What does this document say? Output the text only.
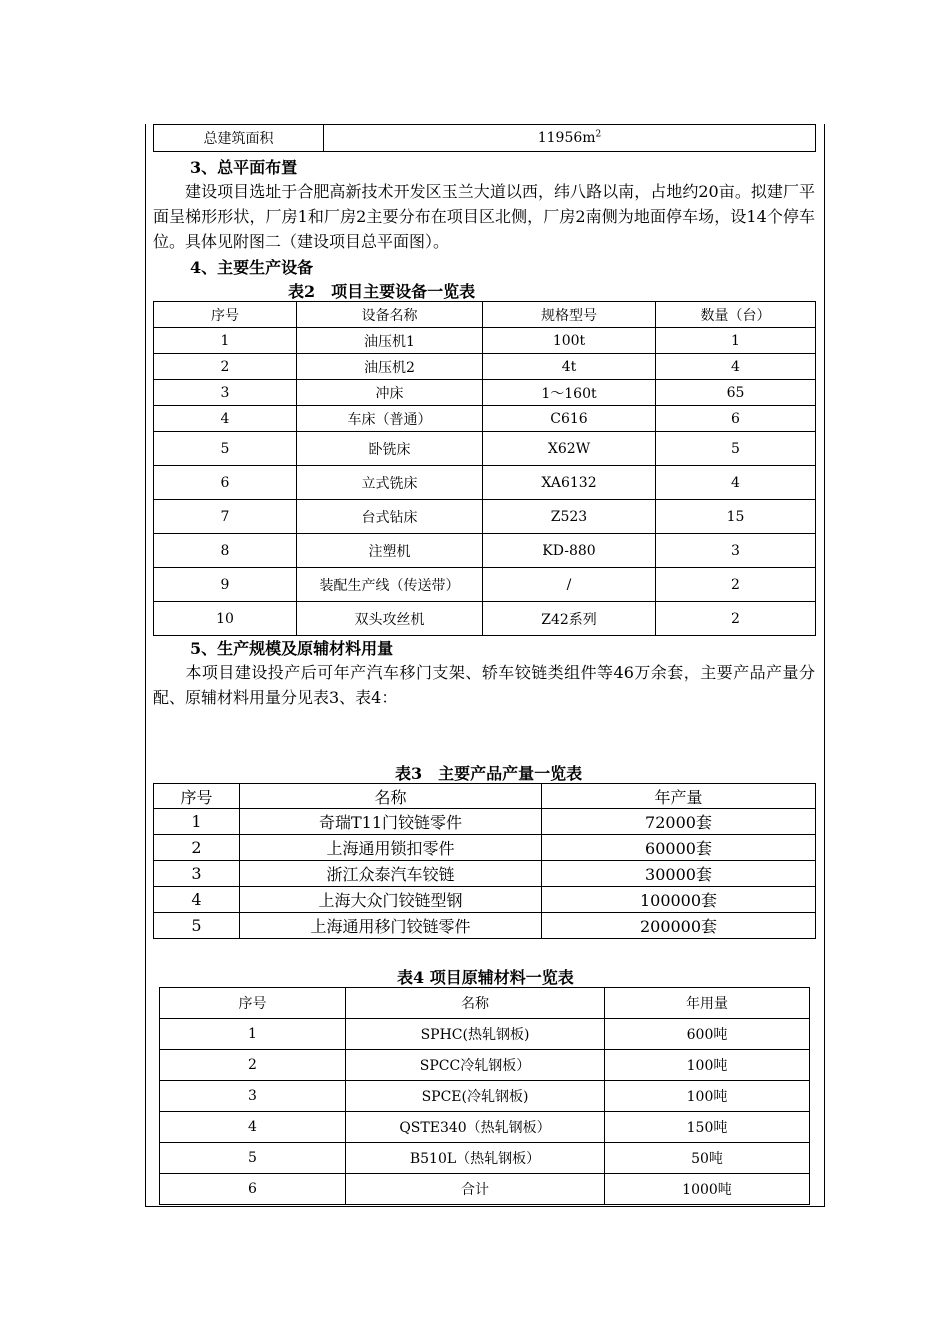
总建筑面积	$11956m^2$
3、总平面布置
建设项目选址于合肥高新技术开发区玉兰大道以西，纬八路以南，占地约20亩。拟建厂平面呈梯形形状，厂房1和厂房2主要分布在项目区北侧，厂房2南侧为地面停车场，设14个停车位。具体见附图二（建设项目总平面图）。
4、主要生产设备
表2　项目主要设备一览表
序号	设备名称	规格型号	数量（台）
1	油压机1	100t	1
2	油压机2	4t	4
3	冲床	1～160t	65
4	车床（普通）	C616	6
5	卧铣床	X62W	5
6	立式铣床	XA6132	4
7	台式钻床	Z523	15
8	注塑机	KD-880	3
9	装配生产线（传送带）	/	2
10	双头攻丝机	Z42系列	2
5、生产规模及原辅材料用量
本项目建设投产后可年产汽车移门支架、轿车铰链类组件等46万余套，主要产品产量分配、原辅材料用量分见表3、表4：
表3　主要产品产量一览表
序号	名称	年产量
1	奇瑞T11门铰链零件	72000套
2	上海通用锁扣零件	60000套
3	浙江众泰汽车铰链	30000套
4	上海大众门铰链型钢	100000套
5	上海通用移门铰链零件	200000套
表4 项目原辅材料一览表
序号	名称	年用量
1	SPHC(热轧钢板)	600吨
2	SPCC冷轧钢板）	100吨
3	SPCE(冷轧钢板)	100吨
4	QSTE340（热轧钢板）	150吨
5	B510L（热轧钢板）	50吨
6	合计	1000吨
